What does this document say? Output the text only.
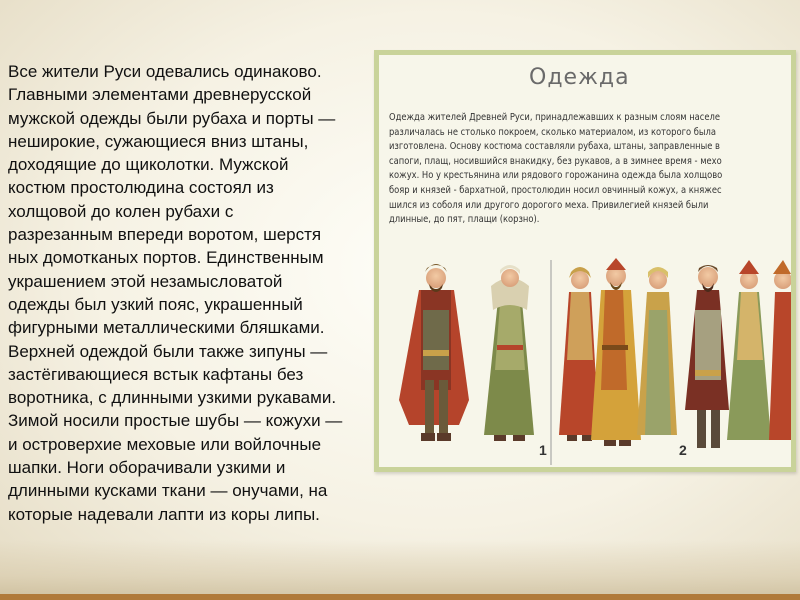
Одежда
Одежда жителей Древней Руси, принадлежавших к разным слоям населе
различалась не столько покроем, сколько материалом, из которого была
изготовлена. Основу костюма составляли рубаха, штаны, заправленные в
сапоги, плащ, носившийся внакидку, без рукавов, а в зимнее время - мехо
кожух. Но у крестьянина или рядового горожанина одежда была холщово
бояр и князей - бархатной, простолюдин носил овчинный кожух, а княжес
шился из соболя или другого дорогого меха. Привилегией князей были
длинные, до пят, плащи (корзно).
1	2
Все жители Руси одевались одинаково.
Главными элементами древнерусской
мужской одежды были рубаха и порты —
неширокие, сужающиеся вниз штаны,
доходящие до щиколотки. Мужской
костюм простолюдина состоял из
холщовой до колен рубахи с
разрезанным впереди воротом, шерстя
ных домотканых портов. Единственным
украшением этой незамысловатой
одежды был узкий пояс, украшенный
фигурными металлическими бляшками.
Верхней одеждой были также зипуны —
застёгивающиеся встык кафтаны без
воротника, с длинными узкими рукавами.
Зимой носили простые шубы — кожухи —
и островерхие меховые или войлочные
шапки. Ноги оборачивали узкими и
длинными кусками ткани — онучами, на
которые надевали лапти из коры липы.
